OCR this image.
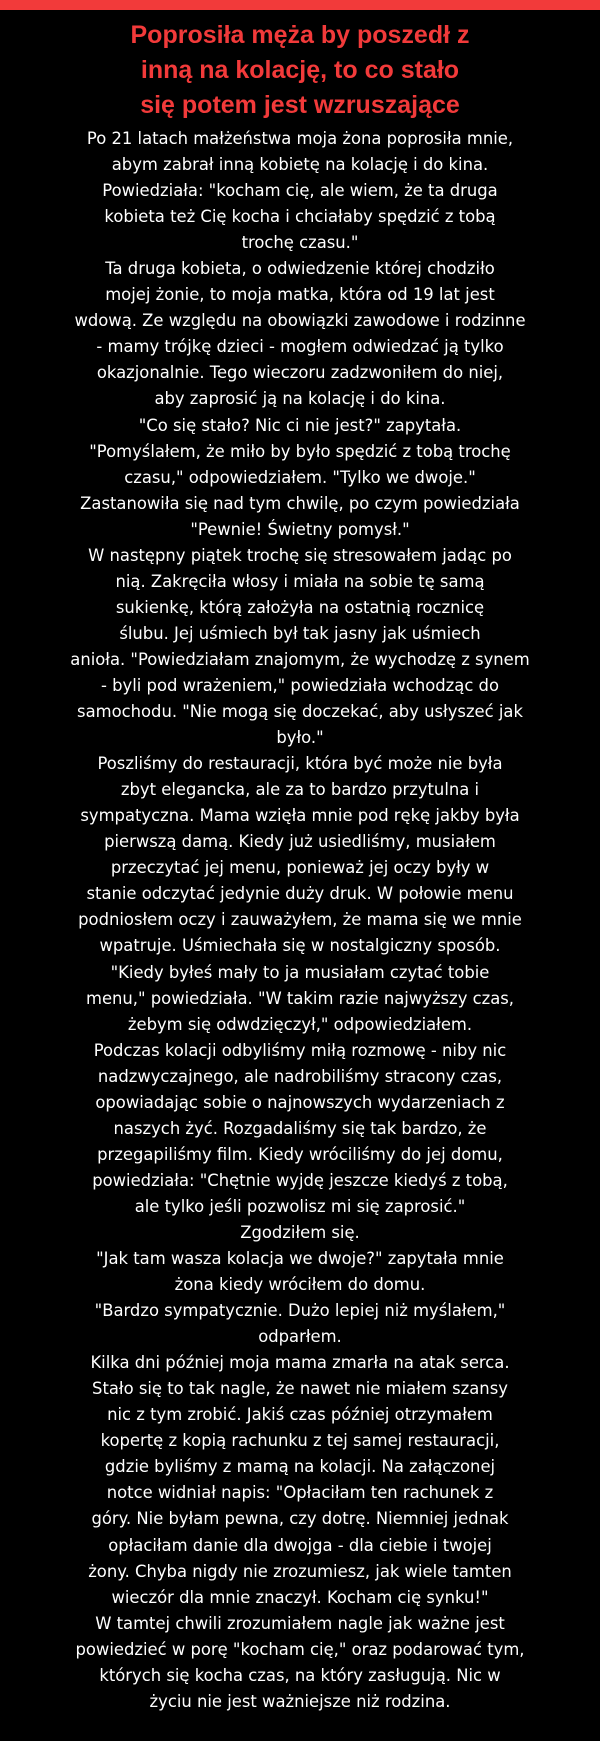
Poprosiła męża by poszedł z
inną na kolację, to co stało
się potem jest wzruszające
Po 21 latach małżeństwa moja żona poprosiła mnie,
abym zabrał inną kobietę na kolację i do kina.
Powiedziała: "kocham cię, ale wiem, że ta druga
kobieta też Cię kocha i chciałaby spędzić z tobą
trochę czasu."
Ta druga kobieta, o odwiedzenie której chodziło
mojej żonie, to moja matka, która od 19 lat jest
wdową. Ze względu na obowiązki zawodowe i rodzinne
- mamy trójkę dzieci - mogłem odwiedzać ją tylko
okazjonalnie. Tego wieczoru zadzwoniłem do niej,
aby zaprosić ją na kolację i do kina.
"Co się stało? Nic ci nie jest?" zapytała.
"Pomyślałem, że miło by było spędzić z tobą trochę
czasu," odpowiedziałem. "Tylko we dwoje."
Zastanowiła się nad tym chwilę, po czym powiedziała
"Pewnie! Świetny pomysł."
W następny piątek trochę się stresowałem jadąc po
nią. Zakręciła włosy i miała na sobie tę samą
sukienkę, którą założyła na ostatnią rocznicę
ślubu. Jej uśmiech był tak jasny jak uśmiech
anioła. "Powiedziałam znajomym, że wychodzę z synem
- byli pod wrażeniem," powiedziała wchodząc do
samochodu. "Nie mogą się doczekać, aby usłyszeć jak
było."
Poszliśmy do restauracji, która być może nie była
zbyt elegancka, ale za to bardzo przytulna i
sympatyczna. Mama wzięła mnie pod rękę jakby była
pierwszą damą. Kiedy już usiedliśmy, musiałem
przeczytać jej menu, ponieważ jej oczy były w
stanie odczytać jedynie duży druk. W połowie menu
podniosłem oczy i zauważyłem, że mama się we mnie
wpatruje. Uśmiechała się w nostalgiczny sposób.
"Kiedy byłeś mały to ja musiałam czytać tobie
menu," powiedziała. "W takim razie najwyższy czas,
żebym się odwdzięczył," odpowiedziałem.
Podczas kolacji odbyliśmy miłą rozmowę - niby nic
nadzwyczajnego, ale nadrobiliśmy stracony czas,
opowiadając sobie o najnowszych wydarzeniach z
naszych żyć. Rozgadaliśmy się tak bardzo, że
przegapiliśmy film. Kiedy wróciliśmy do jej domu,
powiedziała: "Chętnie wyjdę jeszcze kiedyś z tobą,
ale tylko jeśli pozwolisz mi się zaprosić."
Zgodziłem się.
"Jak tam wasza kolacja we dwoje?" zapytała mnie
żona kiedy wróciłem do domu.
"Bardzo sympatycznie. Dużo lepiej niż myślałem,"
odparłem.
Kilka dni później moja mama zmarła na atak serca.
Stało się to tak nagle, że nawet nie miałem szansy
nic z tym zrobić. Jakiś czas później otrzymałem
kopertę z kopią rachunku z tej samej restauracji,
gdzie byliśmy z mamą na kolacji. Na załączonej
notce widniał napis: "Opłaciłam ten rachunek z
góry. Nie byłam pewna, czy dotrę. Niemniej jednak
opłaciłam danie dla dwojga - dla ciebie i twojej
żony. Chyba nigdy nie zrozumiesz, jak wiele tamten
wieczór dla mnie znaczył. Kocham cię synku!"
W tamtej chwili zrozumiałem nagle jak ważne jest
powiedzieć w porę "kocham cię," oraz podarować tym,
których się kocha czas, na który zasługują. Nic w
życiu nie jest ważniejsze niż rodzina.
